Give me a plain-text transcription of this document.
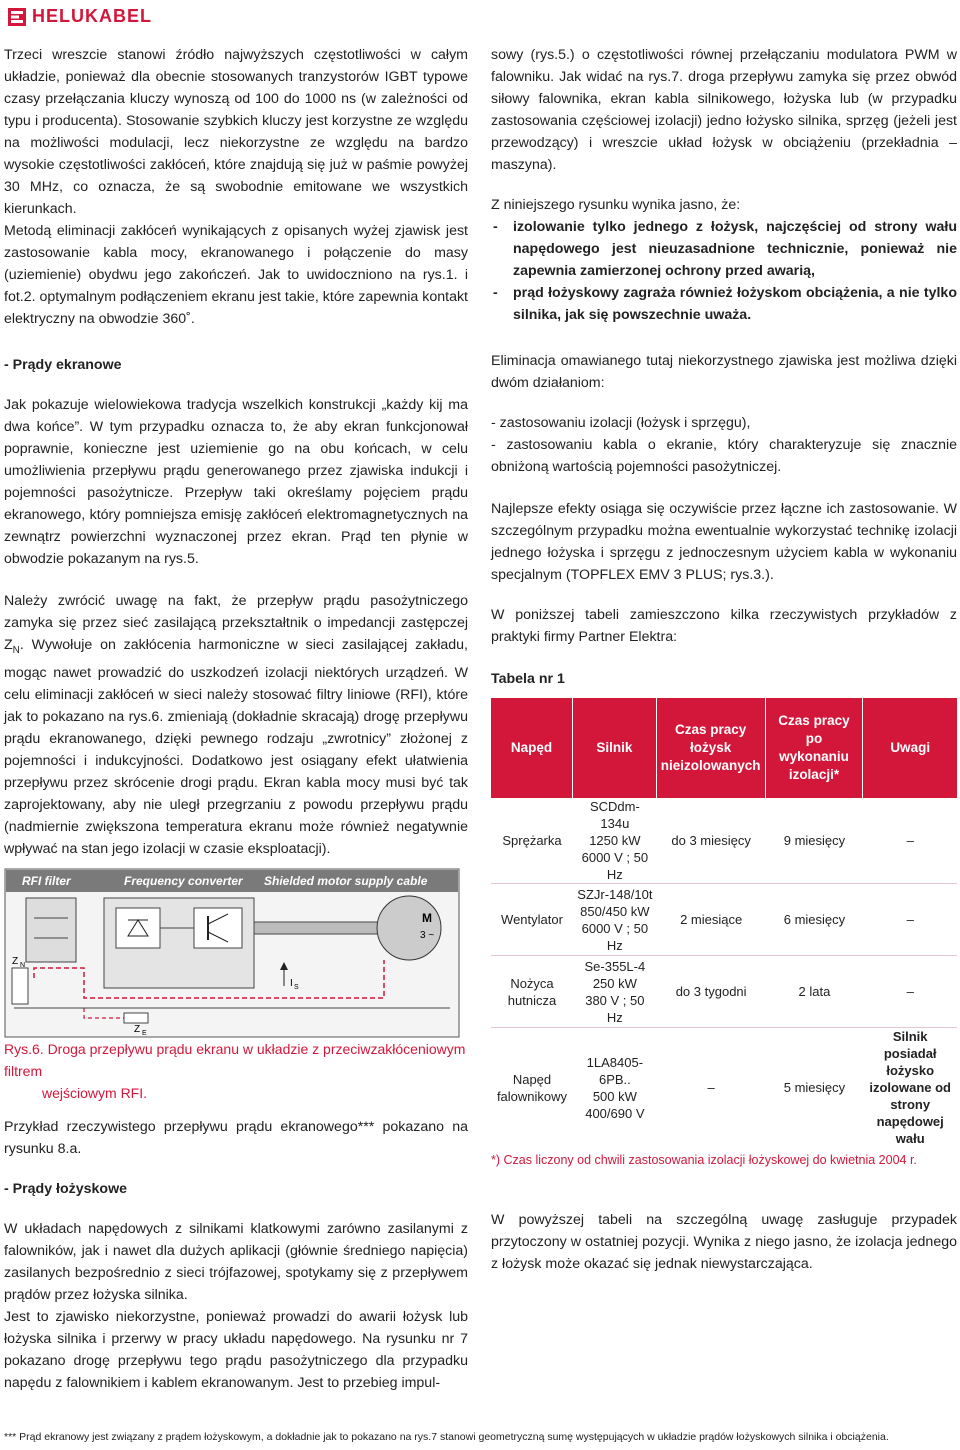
HELUKABEL

Trzeci wreszcie stanowi źródło najwyższych częstotliwości w całym układzie, ponieważ dla obecnie stosowanych tranzystorów IGBT typowe czasy przełączania kluczy wynoszą od 100 do 1000 ns (w zależności od typu i producenta). Stosowanie szybkich kluczy jest korzystne ze względu na możliwości modulacji, lecz niekorzystne ze względu na bardzo wysokie częstotliwości zakłóceń, które znajdują się już w paśmie powyżej 30 MHz, co oznacza, że są swobodnie emitowane we wszystkich kierunkach.

Metodą eliminacji zakłóceń wynikających z opisanych wyżej zjawisk jest zastosowanie kabla mocy, ekranowanego i połączenie do masy (uziemienie) obydwu jego zakończeń. Jak to uwidoczniono na rys.1. i fot.2. optymalnym podłączeniem ekranu jest takie, które zapewnia kontakt elektryczny na obwodzie 360˚.

- Prądy ekranowe

Jak pokazuje wielowiekowa tradycja wszelkich konstrukcji „każdy kij ma dwa końce”. W tym przypadku oznacza to, że aby ekran funkcjonował poprawnie, konieczne jest uziemienie go na obu końcach, w celu umożliwienia przepływu prądu generowanego przez zjawiska indukcji i pojemności pasożytnicze. Przepływ taki określamy pojęciem prądu ekranowego, który pomniejsza emisję zakłóceń elektromagnetycznych na zewnątrz powierzchni wyznaczonej przez ekran. Prąd ten płynie w obwodzie pokazanym na rys.5.

Należy zwrócić uwagę na fakt, że przepływ prądu pasożytniczego zamyka się przez sieć zasilającą przekształtnik o impedancji zastępczej $Z_N$. Wywołuje on zakłócenia harmoniczne w sieci zasilającej zakładu, mogąc nawet prowadzić do uszkodzeń izolacji niektórych urządzeń. W celu eliminacji zakłóceń w sieci należy stosować filtry liniowe (RFI), które jak to pokazano na rys.6. zmieniają (dokładnie skracają) drogę przepływu prądu ekranowanego, dzięki pewnego rodzaju „zwrotnicy” złożonej z pojemności i indukcyjności. Dodatkowo jest osiągany efekt ułatwienia przepływu przez skrócenie drogi prądu. Ekran kabla mocy musi być tak zaprojektowany, aby nie uległ przegrzaniu z powodu przepływu prądu (nadmiernie zwiększona temperatura ekranu może również negatywnie wpływać na stan jego izolacji w czasie eksploatacji).

RFI filter	Frequency converter Shielded motor supply cable
M
3 ~
Z N
Z E
I S
Rys.6. Droga przepływu prądu ekranu w układzie z przeciwzakłóceniowym filtrem
wejściowym RFI.

Przykład rzeczywistego przepływu prądu ekranowego*** pokazano na rysunku 8.a.

- Prądy łożyskowe

W układach napędowych z silnikami klatkowymi zarówno zasilanymi z falowników, jak i nawet dla dużych aplikacji (głównie średniego napięcia) zasilanych bezpośrednio z sieci trójfazowej, spotykamy się z przepływem prądów przez łożyska silnika.

Jest to zjawisko niekorzystne, ponieważ prowadzi do awarii łożysk lub łożyska silnika i przerwy w pracy układu napędowego. Na rysunku nr 7 pokazano drogę przepływu tego prądu pasożytniczego dla przypadku napędu z falownikiem i kablem ekranowanym. Jest to przebieg impul-

sowy (rys.5.) o częstotliwości równej przełączaniu modulatora PWM w falowniku. Jak widać na rys.7. droga przepływu zamyka się przez obwód siłowy falownika, ekran kabla silnikowego, łożyska lub (w przypadku zastosowania częściowej izolacji) jedno łożysko silnika, sprzęg (jeżeli jest przewodzący) i wreszcie układ łożysk w obciążeniu (przekładnia – maszyna).

Z niniejszego rysunku wynika jasno, że:

- izolowanie tylko jednego z łożysk, najczęściej od strony wału napędowego jest nieuzasadnione technicznie, ponieważ nie zapewnia zamierzonej ochrony przed awarią,
- prąd łożyskowy zagraża również łożyskom obciążenia, a nie tylko silnika, jak się powszechnie uważa.

Eliminacja omawianego tutaj niekorzystnego zjawiska jest możliwa dzięki dwóm działaniom:

- zastosowaniu izolacji (łożysk i sprzęgu),

- zastosowaniu kabla o ekranie, który charakteryzuje się znacznie obniżoną wartością pojemności pasożytniczej.

Najlepsze efekty osiąga się oczywiście przez łączne ich zastosowanie. W szczególnym przypadku można ewentualnie wykorzystać technikę izolacji jednego łożyska i sprzęgu z jednoczesnym użyciem kabla w wykonaniu specjalnym (TOPFLEX EMV 3 PLUS; rys.3.).

W poniższej tabeli zamieszczono kilka rzeczywistych przykładów z praktyki firmy Partner Elektra:

Tabela nr 1

Napęd	Silnik	Czas pracy łożysk nieizolowanych	Czas pracy po wykonaniu izolacji*	Uwagi
Sprężarka	SCDdm-134u
1250 kW
6000 V ; 50 Hz	do 3 miesięcy	9 miesięcy	–
Wentylator	SZJr-148/10t
850/450 kW
6000 V ; 50 Hz	2 miesiące	6 miesięcy	–
Nożyca hutnicza	Se-355L-4
250 kW
380 V ; 50 Hz	do 3 tygodni	2 lata	–
Napęd falownikowy	1LA8405-6PB..
500 kW
400/690 V	–	5 miesięcy	Silnik posiadał łożysko izolowane od strony napędowej wału
*) Czas liczony od chwili zastosowania izolacji łożyskowej do kwietnia 2004 r.

W powyższej tabeli na szczególną uwagę zasługuje przypadek przytoczony w ostatniej pozycji. Wynika z niego jasno, że izolacja jednego z łożysk może okazać się jednak niewystarczająca.

*** Prąd ekranowy jest związany z prądem łożyskowym, a dokładnie jak to pokazano na rys.7 stanowi geometryczną sumę występujących w układzie prądów łożyskowych silnika i obciążenia.
